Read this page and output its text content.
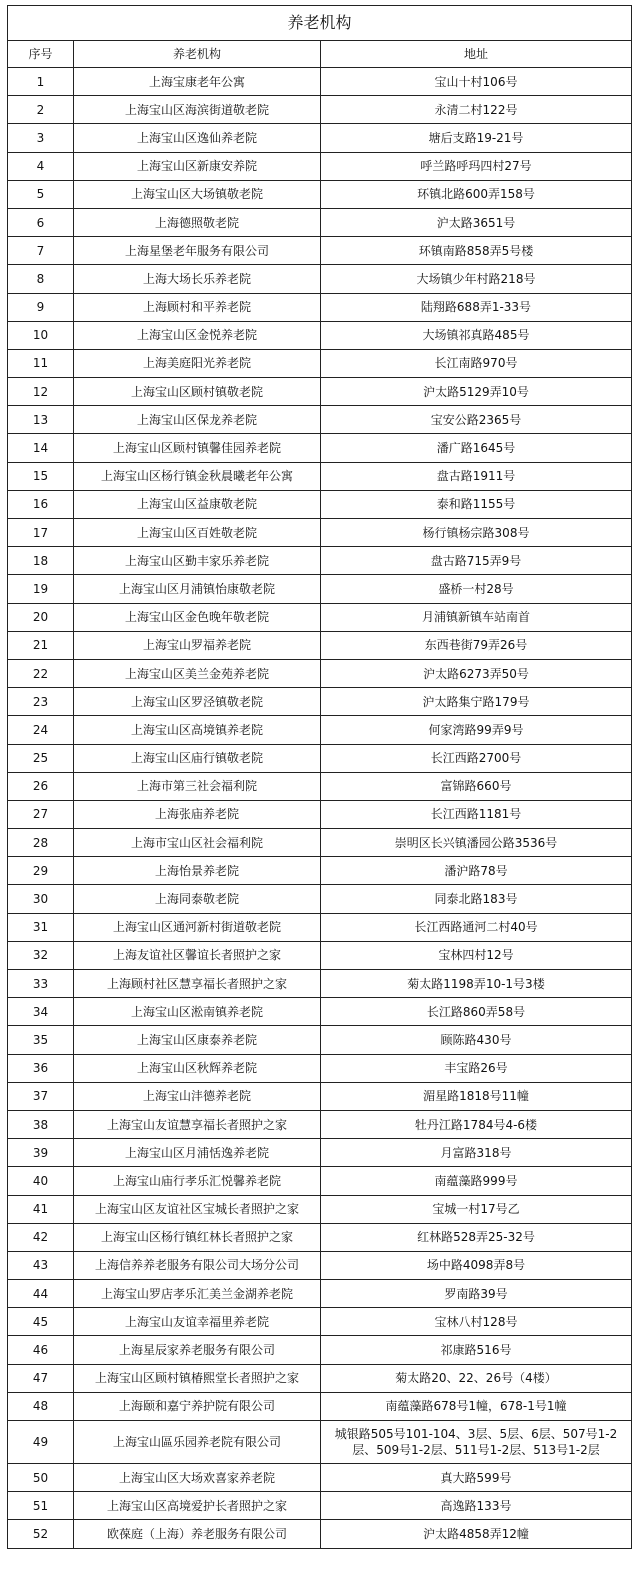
养老机构		
序号	养老机构	地址
1	上海宝康老年公寓	宝山十村106号
2	上海宝山区海滨街道敬老院	永清二村122号
3	上海宝山区逸仙养老院	塘后支路19-21号
4	上海宝山区新康安养院	呼兰路呼玛四村27号
5	上海宝山区大场镇敬老院	环镇北路600弄158号
6	上海德照敬老院	沪太路3651号
7	上海星堡老年服务有限公司	环镇南路858弄5号楼
8	上海大场长乐养老院	大场镇少年村路218号
9	上海顾村和平养老院	陆翔路688弄1-33号
10	上海宝山区金悦养老院	大场镇祁真路485号
11	上海美庭阳光养老院	长江南路970号
12	上海宝山区顾村镇敬老院	沪太路5129弄10号
13	上海宝山区保龙养老院	宝安公路2365号
14	上海宝山区顾村镇馨佳园养老院	潘广路1645号
15	上海宝山区杨行镇金秋晨曦老年公寓	盘古路1911号
16	上海宝山区益康敬老院	泰和路1155号
17	上海宝山区百姓敬老院	杨行镇杨宗路308号
18	上海宝山区勤丰家乐养老院	盘古路715弄9号
19	上海宝山区月浦镇怡康敬老院	盛桥一村28号
20	上海宝山区金色晚年敬老院	月浦镇新镇车站南首
21	上海宝山罗福养老院	东西巷街79弄26号
22	上海宝山区美兰金苑养老院	沪太路6273弄50号
23	上海宝山区罗泾镇敬老院	沪太路集宁路179号
24	上海宝山区高境镇养老院	何家湾路99弄9号
25	上海宝山区庙行镇敬老院	长江西路2700号
26	上海市第三社会福利院	富锦路660号
27	上海张庙养老院	长江西路1181号
28	上海市宝山区社会福利院	崇明区长兴镇潘园公路3536号
29	上海怡景养老院	潘沪路78号
30	上海同泰敬老院	同泰北路183号
31	上海宝山区通河新村街道敬老院	长江西路通河二村40号
32	上海友谊社区馨谊长者照护之家	宝林四村12号
33	上海顾村社区慧享福长者照护之家	菊太路1198弄10-1号3楼
34	上海宝山区淞南镇养老院	长江路860弄58号
35	上海宝山区康泰养老院	顾陈路430号
36	上海宝山区秋辉养老院	丰宝路26号
37	上海宝山沣德养老院	湄星路1818号11幢
38	上海宝山友谊慧享福长者照护之家	牡丹江路1784号4-6楼
39	上海宝山区月浦恬逸养老院	月富路318号
40	上海宝山庙行孝乐汇悦馨养老院	南蕴藻路999号
41	上海宝山区友谊社区宝城长者照护之家	宝城一村17号乙
42	上海宝山区杨行镇红林长者照护之家	红林路528弄25-32号
43	上海信养养老服务有限公司大场分公司	场中路4098弄8号
44	上海宝山罗店孝乐汇美兰金湖养老院	罗南路39号
45	上海宝山友谊幸福里养老院	宝林八村128号
46	上海星辰家养老服务有限公司	祁康路516号
47	上海宝山区顾村镇椿熙堂长者照护之家	菊太路20、22、26号（4楼）
48	上海颐和嘉宁养护院有限公司	南蕴藻路678号1幢，678-1号1幢
49	上海宝山區乐园养老院有限公司	城银路505号101-104、3层、5层、6层、507号1-2层、509号1-2层、511号1-2层、513号1-2层
50	上海宝山区大场欢喜家养老院	真大路599号
51	上海宝山区高境爱护长者照护之家	高逸路133号
52	欧葆庭（上海）养老服务有限公司	沪太路4858弄12幢
